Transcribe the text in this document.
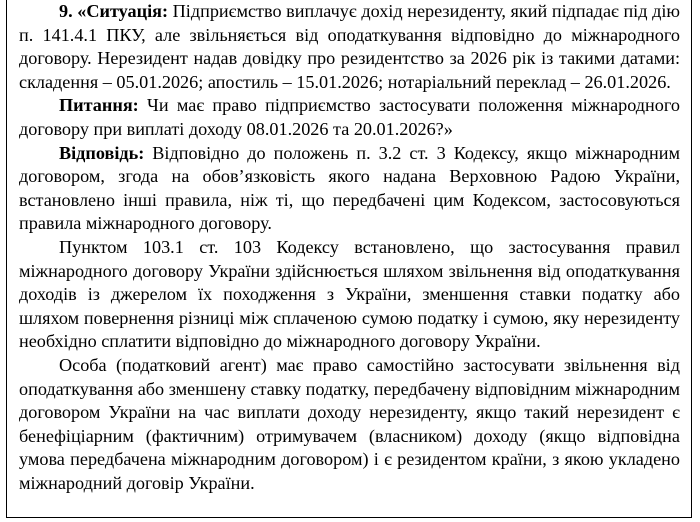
9. «Ситуація: Підприємство виплачує дохід нерезиденту, який підпадає під дію п. 141.4.1 ПКУ, але звільняється від оподаткування відповідно до міжнародного договору. Нерезидент надав довідку про резидентство за 2026 рік із такими датами: складення – 05.01.2026; апостиль – 15.01.2026; нотаріальний переклад – 26.01.2026.

Питання: Чи має право підприємство застосувати положення міжнародного договору при виплаті доходу 08.01.2026 та 20.01.2026?»

Відповідь: Відповідно до положень п. 3.2 ст. 3 Кодексу, якщо міжнародним договором, згода на обов’язковість якого надана Верховною Радою України, встановлено інші правила, ніж ті, що передбачені цим Кодексом, застосовуються правила міжнародного договору.

Пунктом 103.1 ст. 103 Кодексу встановлено, що застосування правил міжнародного договору України здійснюється шляхом звільнення від оподаткування доходів із джерелом їх походження з України, зменшення ставки податку або шляхом повернення різниці між сплаченою сумою податку і сумою, яку нерезиденту необхідно сплатити відповідно до міжнародного договору України.

Особа (податковий агент) має право самостійно застосувати звільнення від оподаткування або зменшену ставку податку, передбачену відповідним міжнародним договором України на час виплати доходу нерезиденту, якщо такий нерезидент є бенефіціарним (фактичним) отримувачем (власником) доходу (якщо відповідна умова передбачена міжнародним договором) і є резидентом країни, з якою укладено міжнародний договір України.
